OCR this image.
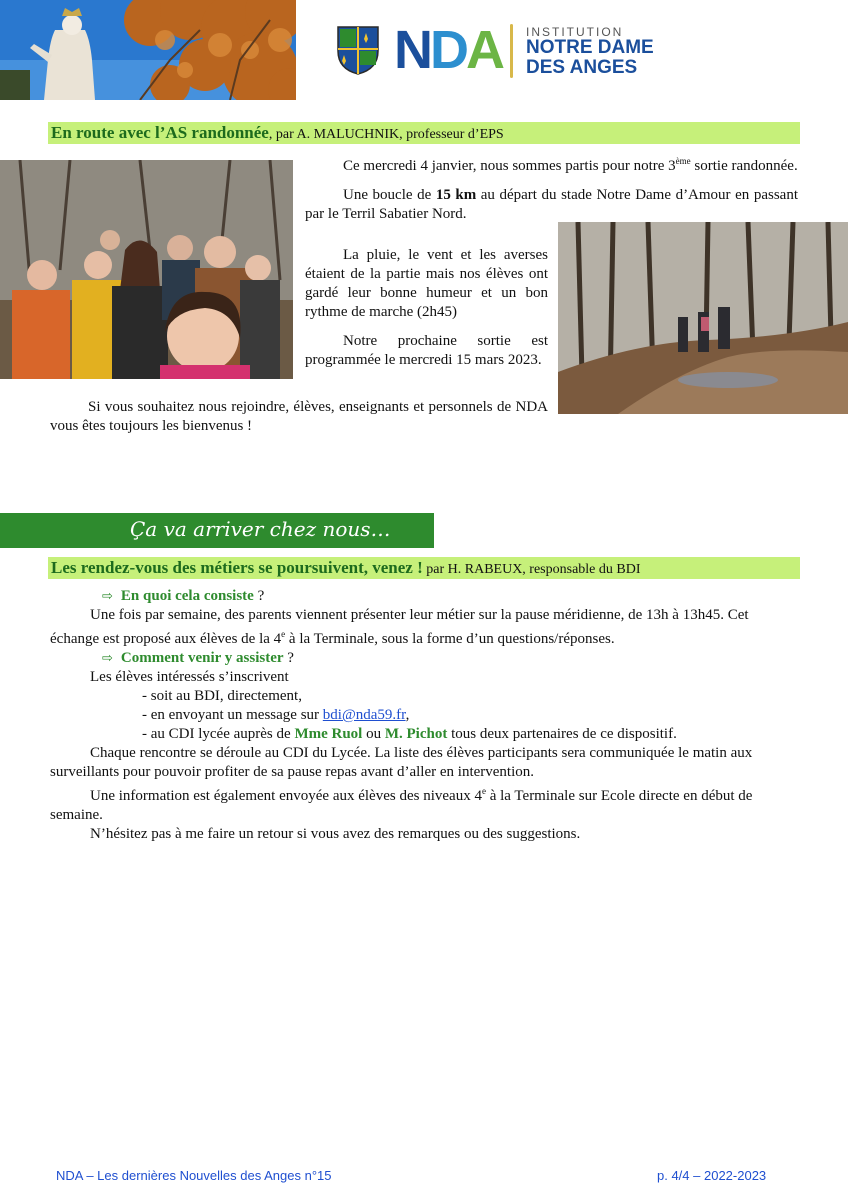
NDA INSTITUTION
NOTRE DAME
DES ANGES
En route avec l’AS randonnée, par A. MALUCHNIK, professeur d’EPS

Ce mercredi 4 janvier, nous sommes partis pour notre 3ème sortie randonnée.

Une boucle de 15 km au départ du stade Notre Dame d’Amour en passant par le Terril Sabatier Nord.

La pluie, le vent et les averses étaient de la partie mais nos élèves ont gardé leur bonne humeur et un bon rythme de marche (2h45)

Notre prochaine sortie est programmée le mercredi 15 mars 2023.

Si vous souhaitez nous rejoindre, élèves, enseignants et personnels de NDA vous êtes toujours les bienvenus !

Ça va arriver chez nous…
Les rendez-vous des métiers se poursuivent, venez ! par H. RABEUX, responsable du BDI

⇨ En quoi cela consiste ?

Une fois par semaine, des parents viennent présenter leur métier sur la pause méridienne, de 13h à 13h45. Cet échange est proposé aux élèves de la 4e à la Terminale, sous la forme d’un questions/réponses.

⇨ Comment venir y assister ?

Les élèves intéressés s’inscrivent

- soit au BDI, directement,

- en envoyant un message sur bdi@nda59.fr,

- au CDI lycée auprès de Mme Ruol ou M. Pichot tous deux partenaires de ce dispositif.

Chaque rencontre se déroule au CDI du Lycée. La liste des élèves participants sera communiquée le matin aux surveillants pour pouvoir profiter de sa pause repas avant d’aller en intervention.

Une information est également envoyée aux élèves des niveaux 4e à la Terminale sur Ecole directe en début de semaine.

N’hésitez pas à me faire un retour si vous avez des remarques ou des suggestions.

NDA – Les dernières Nouvelles des Anges n°15	p. 4/4 – 2022-2023
